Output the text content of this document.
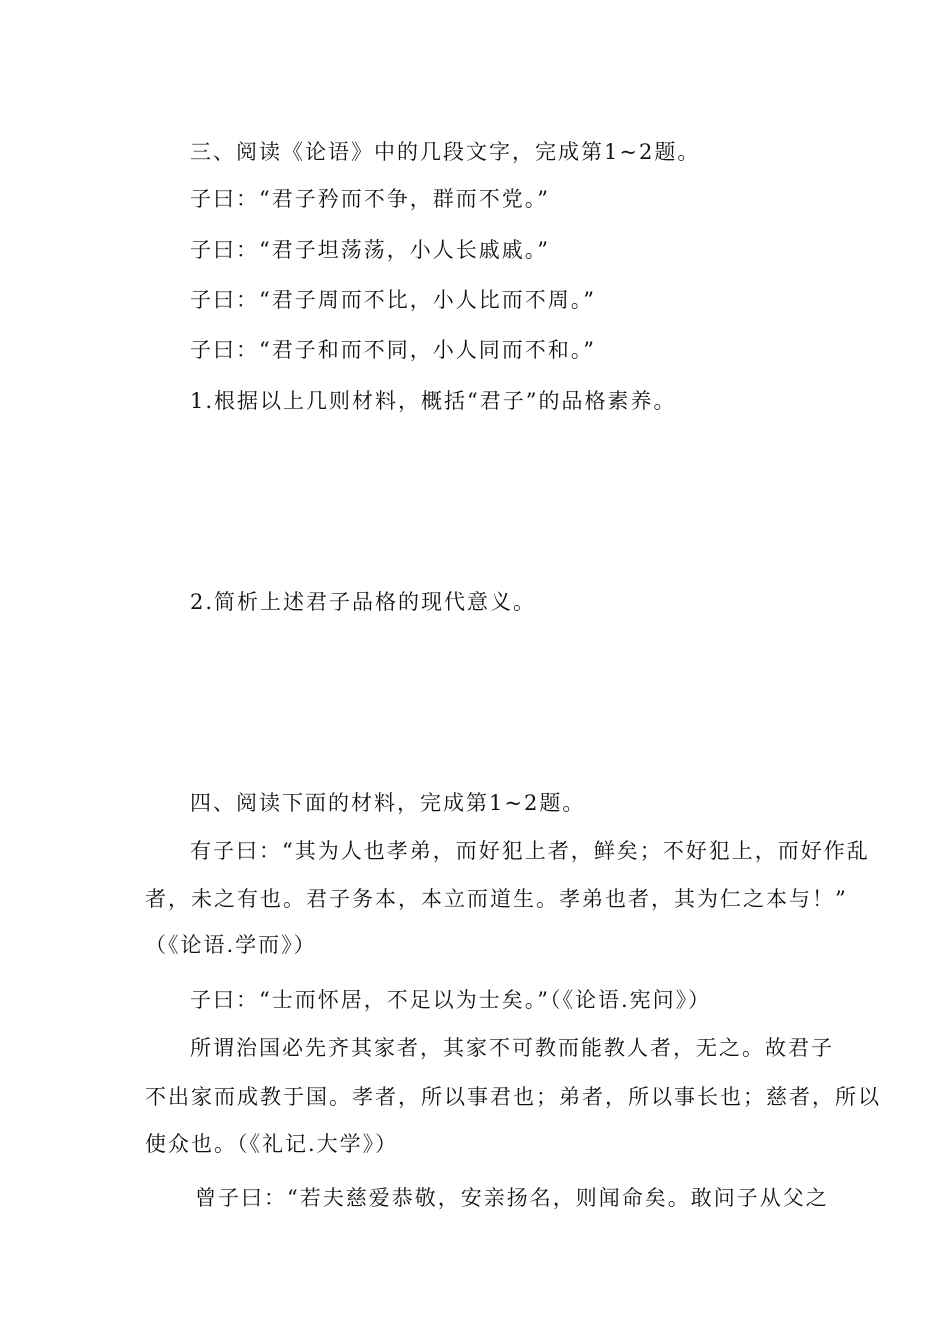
三、阅读《论语》中的几段文字，完成第1~2题。

子曰：“君子矜而不争，群而不党。”

子曰：“君子坦荡荡，小人长戚戚。”

子曰：“君子周而不比，小人比而不周。”

子曰：“君子和而不同，小人同而不和。”

1.根据以上几则材料，概括“君子”的品格素养。

2.简析上述君子品格的现代意义。

四、阅读下面的材料，完成第1~2题。

有子曰：“其为人也孝弟，而好犯上者，鲜矣；不好犯上，而好作乱

者，未之有也。君子务本，本立而道生。孝弟也者，其为仁之本与！”

（《论语.学而》）

子曰：“士而怀居，不足以为士矣。”（《论语.宪问》）

所谓治国必先齐其家者，其家不可教而能教人者，无之。故君子

不出家而成教于国。孝者，所以事君也；弟者，所以事长也；慈者，所以

使众也。（《礼记.大学》）

曾子曰：“若夫慈爱恭敬，安亲扬名，则闻命矣。敢问子从父之
